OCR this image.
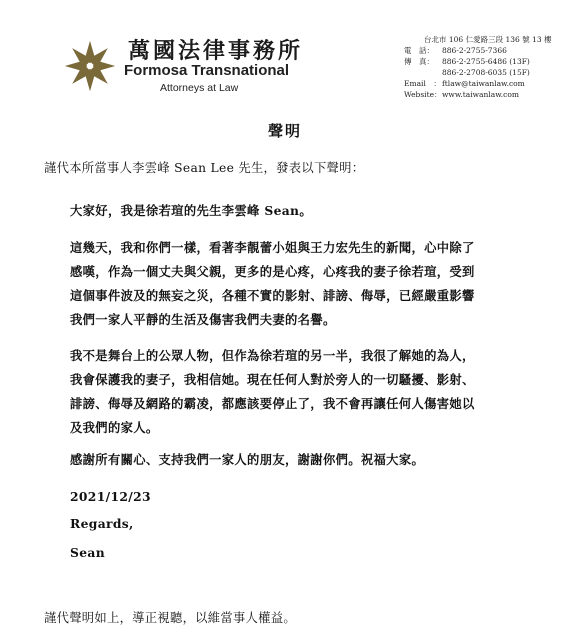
萬國法律事務所
Formosa Transnational
Attorneys at Law
台北市 106 仁愛路三段 136 號 13 樓
電　話：	886-2-2755-7366
傳　真：	886-2-2755-6486 (13F)
886-2-2708-6035 (15F)
Email　： ftlaw@taiwanlaw.com
Website： www.taiwanlaw.com
聲明
謹代本所當事人李雲峰 Sean Lee 先生，發表以下聲明：
大家好，我是徐若瑄的先生李雲峰 Sean。
這幾天，我和你們一樣，看著李靚蕾小姐與王力宏先生的新聞，心中除了
感嘆，作為一個丈夫與父親，更多的是心疼，心疼我的妻子徐若瑄，受到
這個事件波及的無妄之災，各種不實的影射、誹謗、侮辱，已經嚴重影響
我們一家人平靜的生活及傷害我們夫妻的名譽。
我不是舞台上的公眾人物，但作為徐若瑄的另一半，我很了解她的為人，
我會保護我的妻子，我相信她。現在任何人對於旁人的一切騷擾、影射、
誹謗、侮辱及網路的霸凌，都應該要停止了，我不會再讓任何人傷害她以
及我們的家人。
感謝所有關心、支持我們一家人的朋友，謝謝你們。祝福大家。
2021/12/23
Regards,
Sean
謹代聲明如上，導正視聽，以維當事人權益。
